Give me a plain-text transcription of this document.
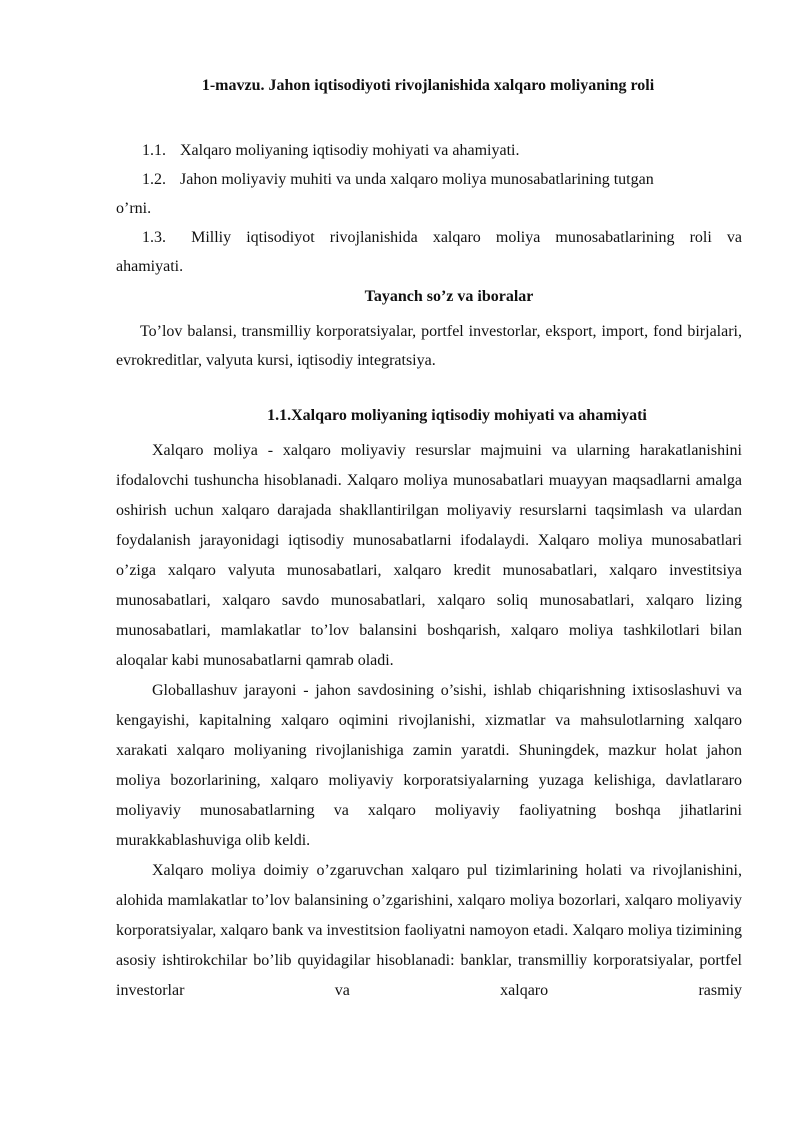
1-mavzu. Jahon iqtisodiyoti rivojlanishida xalqaro moliyaning roli

1.1. Xalqaro moliyaning iqtisodiy mohiyati va ahamiyati.

1.2. Jahon moliyaviy muhiti va unda xalqaro moliya munosabatlarining tutgan

o’rni.

1.3. Milliy iqtisodiyot rivojlanishida xalqaro moliya munosabatlarining roli va

ahamiyati.

Tayanch so’z va iboralar

To’lov balansi, transmilliy korporatsiyalar, portfel investorlar, eksport, import, fond birjalari, evrokreditlar, valyuta kursi, iqtisodiy integratsiya.

1.1.Xalqaro moliyaning iqtisodiy mohiyati va ahamiyati

Xalqaro moliya - xalqaro moliyaviy resurslar majmuini va ularning harakatlanishini ifodalovchi tushuncha hisoblanadi. Xalqaro moliya munosabatlari muayyan maqsadlarni amalga oshirish uchun xalqaro darajada shakllantirilgan moliyaviy resurslarni taqsimlash va ulardan foydalanish jarayonidagi iqtisodiy munosabatlarni ifodalaydi. Xalqaro moliya munosabatlari o’ziga xalqaro valyuta munosabatlari, xalqaro kredit munosabatlari, xalqaro investitsiya munosabatlari, xalqaro savdo munosabatlari, xalqaro soliq munosabatlari, xalqaro lizing munosabatlari, mamlakatlar to’lov balansini boshqarish, xalqaro moliya tashkilotlari bilan aloqalar kabi munosabatlarni qamrab oladi.

Globallashuv jarayoni - jahon savdosining o’sishi, ishlab chiqarishning ixtisoslashuvi va kengayishi, kapitalning xalqaro oqimini rivojlanishi, xizmatlar va mahsulotlarning xalqaro xarakati xalqaro moliyaning rivojlanishiga zamin yaratdi. Shuningdek, mazkur holat jahon moliya bozorlarining, xalqaro moliyaviy korporatsiyalarning yuzaga kelishiga, davlatlararo moliyaviy munosabatlarning va xalqaro moliyaviy faoliyatning boshqa jihatlarini murakkablashuviga olib keldi.

Xalqaro moliya doimiy o’zgaruvchan xalqaro pul tizimlarining holati va rivojlanishini, alohida mamlakatlar to’lov balansining o’zgarishini, xalqaro moliya bozorlari, xalqaro moliyaviy korporatsiyalar, xalqaro bank va investitsion faoliyatni namoyon etadi. Xalqaro moliya tizimining asosiy ishtirokchilar bo’lib quyidagilar hisoblanadi: banklar, transmilliy korporatsiyalar, portfel investorlar va xalqaro rasmiy
